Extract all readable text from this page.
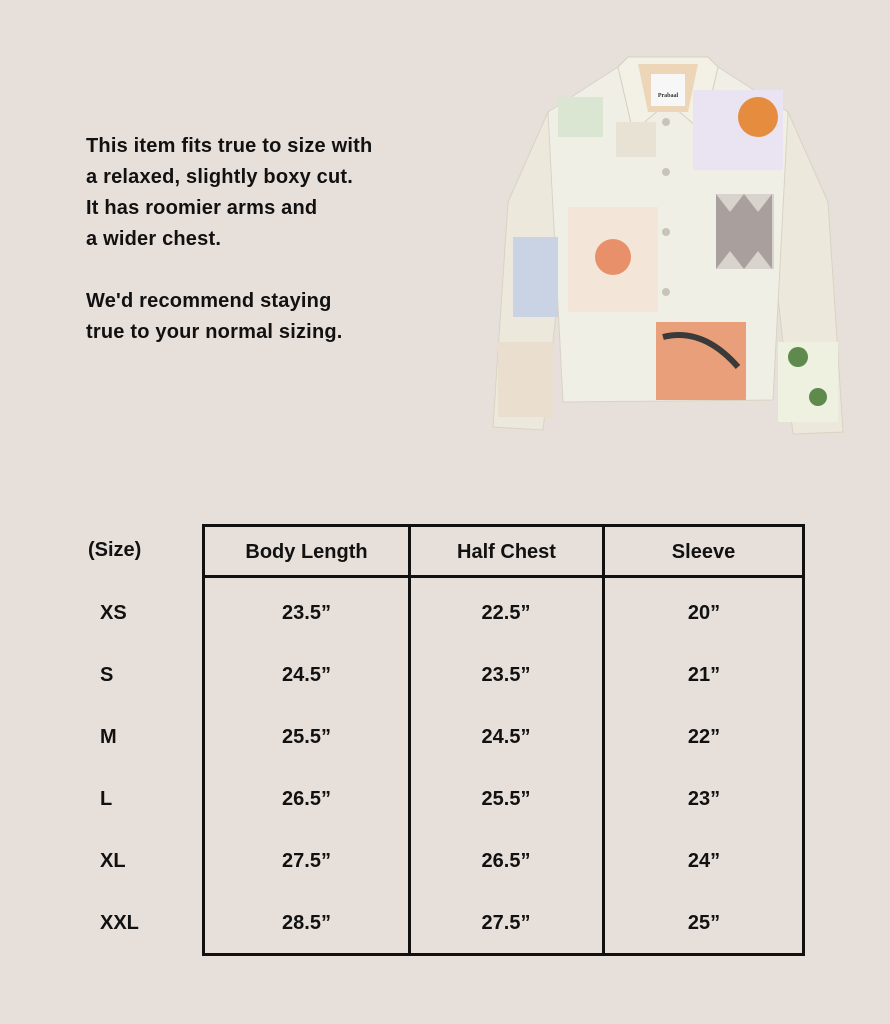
This item fits true to size with
a relaxed, slightly boxy cut.
It has roomier arms and
a wider chest.

We'd recommend staying
true to your normal sizing.

Prabaal
(Size)	Body Length	Half Chest	Sleeve
XS	23.5”	22.5”	20”
S	24.5”	23.5”	21”
M	25.5”	24.5”	22”
L	26.5”	25.5”	23”
XL	27.5”	26.5”	24”
XXL	28.5”	27.5”	25”
